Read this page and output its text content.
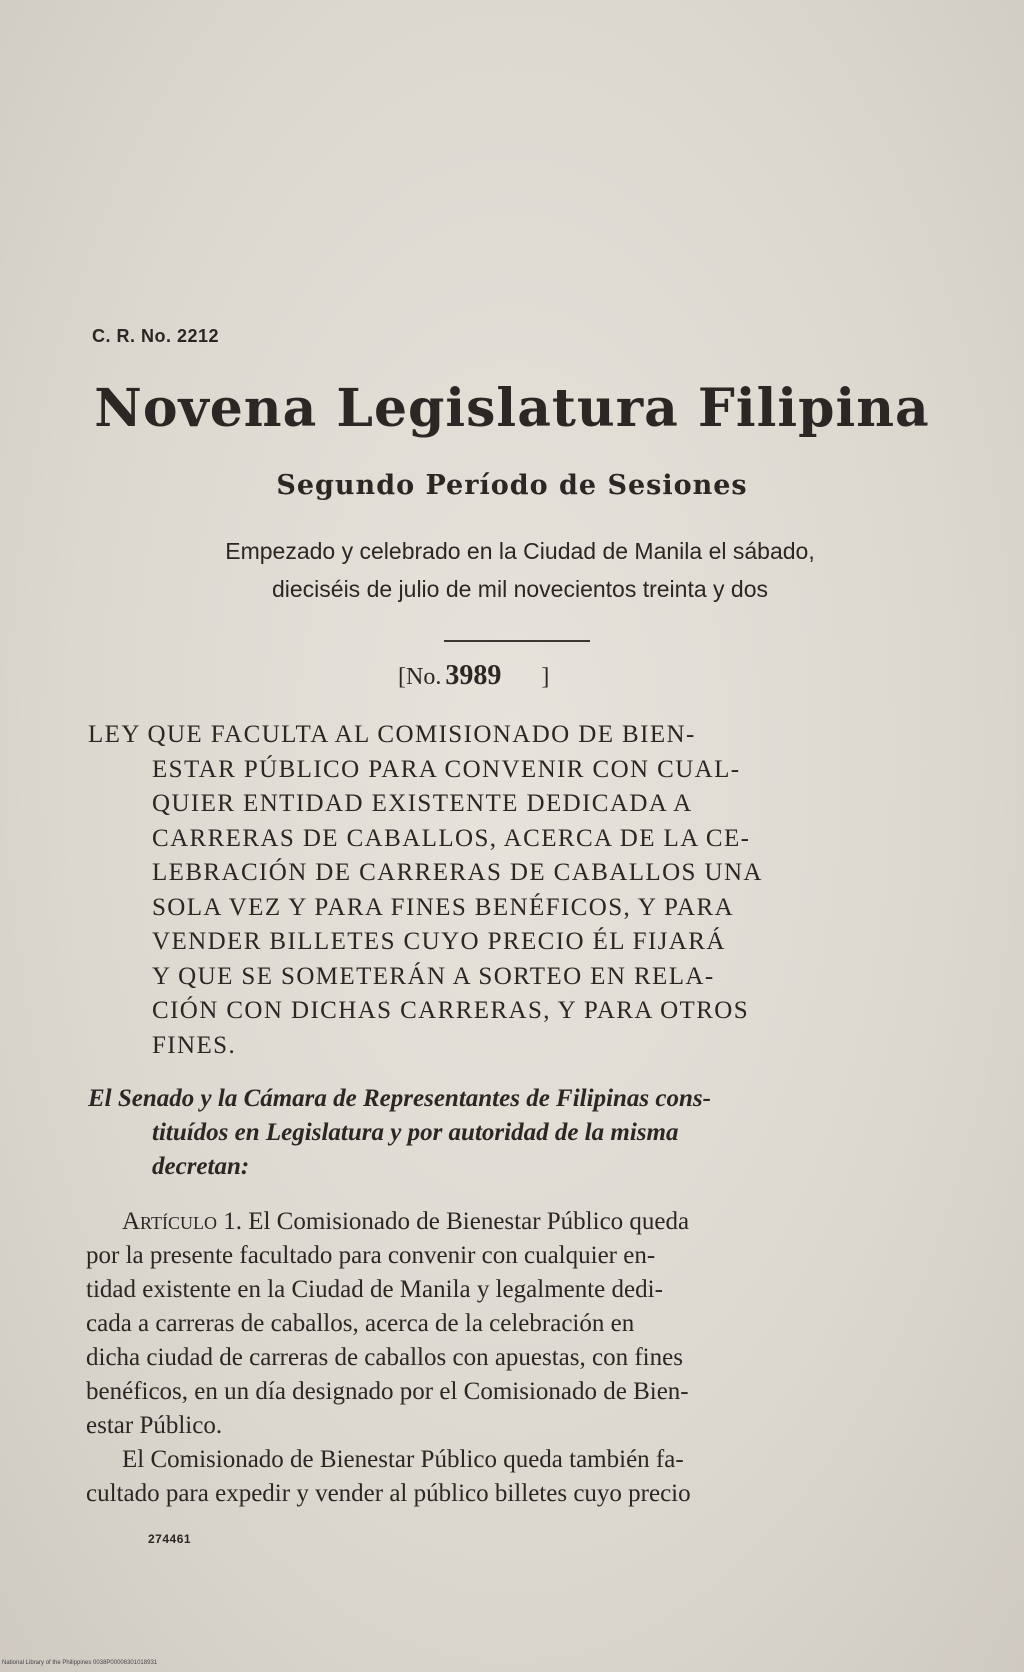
C. R. No. 2212
Novena Legislatura Filipina
Segundo Período de Sesiones
Empezado y celebrado en la Ciudad de Manila el sábado,
dieciséis de julio de mil novecientos treinta y dos
[No. 3989 ]
LEY QUE FACULTA AL COMISIONADO DE BIEN-
ESTAR PÚBLICO PARA CONVENIR CON CUAL-
QUIER ENTIDAD EXISTENTE DEDICADA A
CARRERAS DE CABALLOS, ACERCA DE LA CE-
LEBRACIÓN DE CARRERAS DE CABALLOS UNA
SOLA VEZ Y PARA FINES BENÉFICOS, Y PARA
VENDER BILLETES CUYO PRECIO ÉL FIJARÁ
Y QUE SE SOMETERÁN A SORTEO EN RELA-
CIÓN CON DICHAS CARRERAS, Y PARA OTROS
FINES.
El Senado y la Cámara de Representantes de Filipinas cons-
tituídos en Legislatura y por autoridad de la misma
decretan:
Artículo 1. El Comisionado de Bienestar Público queda
por la presente facultado para convenir con cualquier en-
tidad existente en la Ciudad de Manila y legalmente dedi-
cada a carreras de caballos, acerca de la celebración en
dicha ciudad de carreras de caballos con apuestas, con fines
benéficos, en un día designado por el Comisionado de Bien-
estar Público.
El Comisionado de Bienestar Público queda también fa-
cultado para expedir y vender al público billetes cuyo precio
274461
National Library of the Philippines 0038P00006301018931
